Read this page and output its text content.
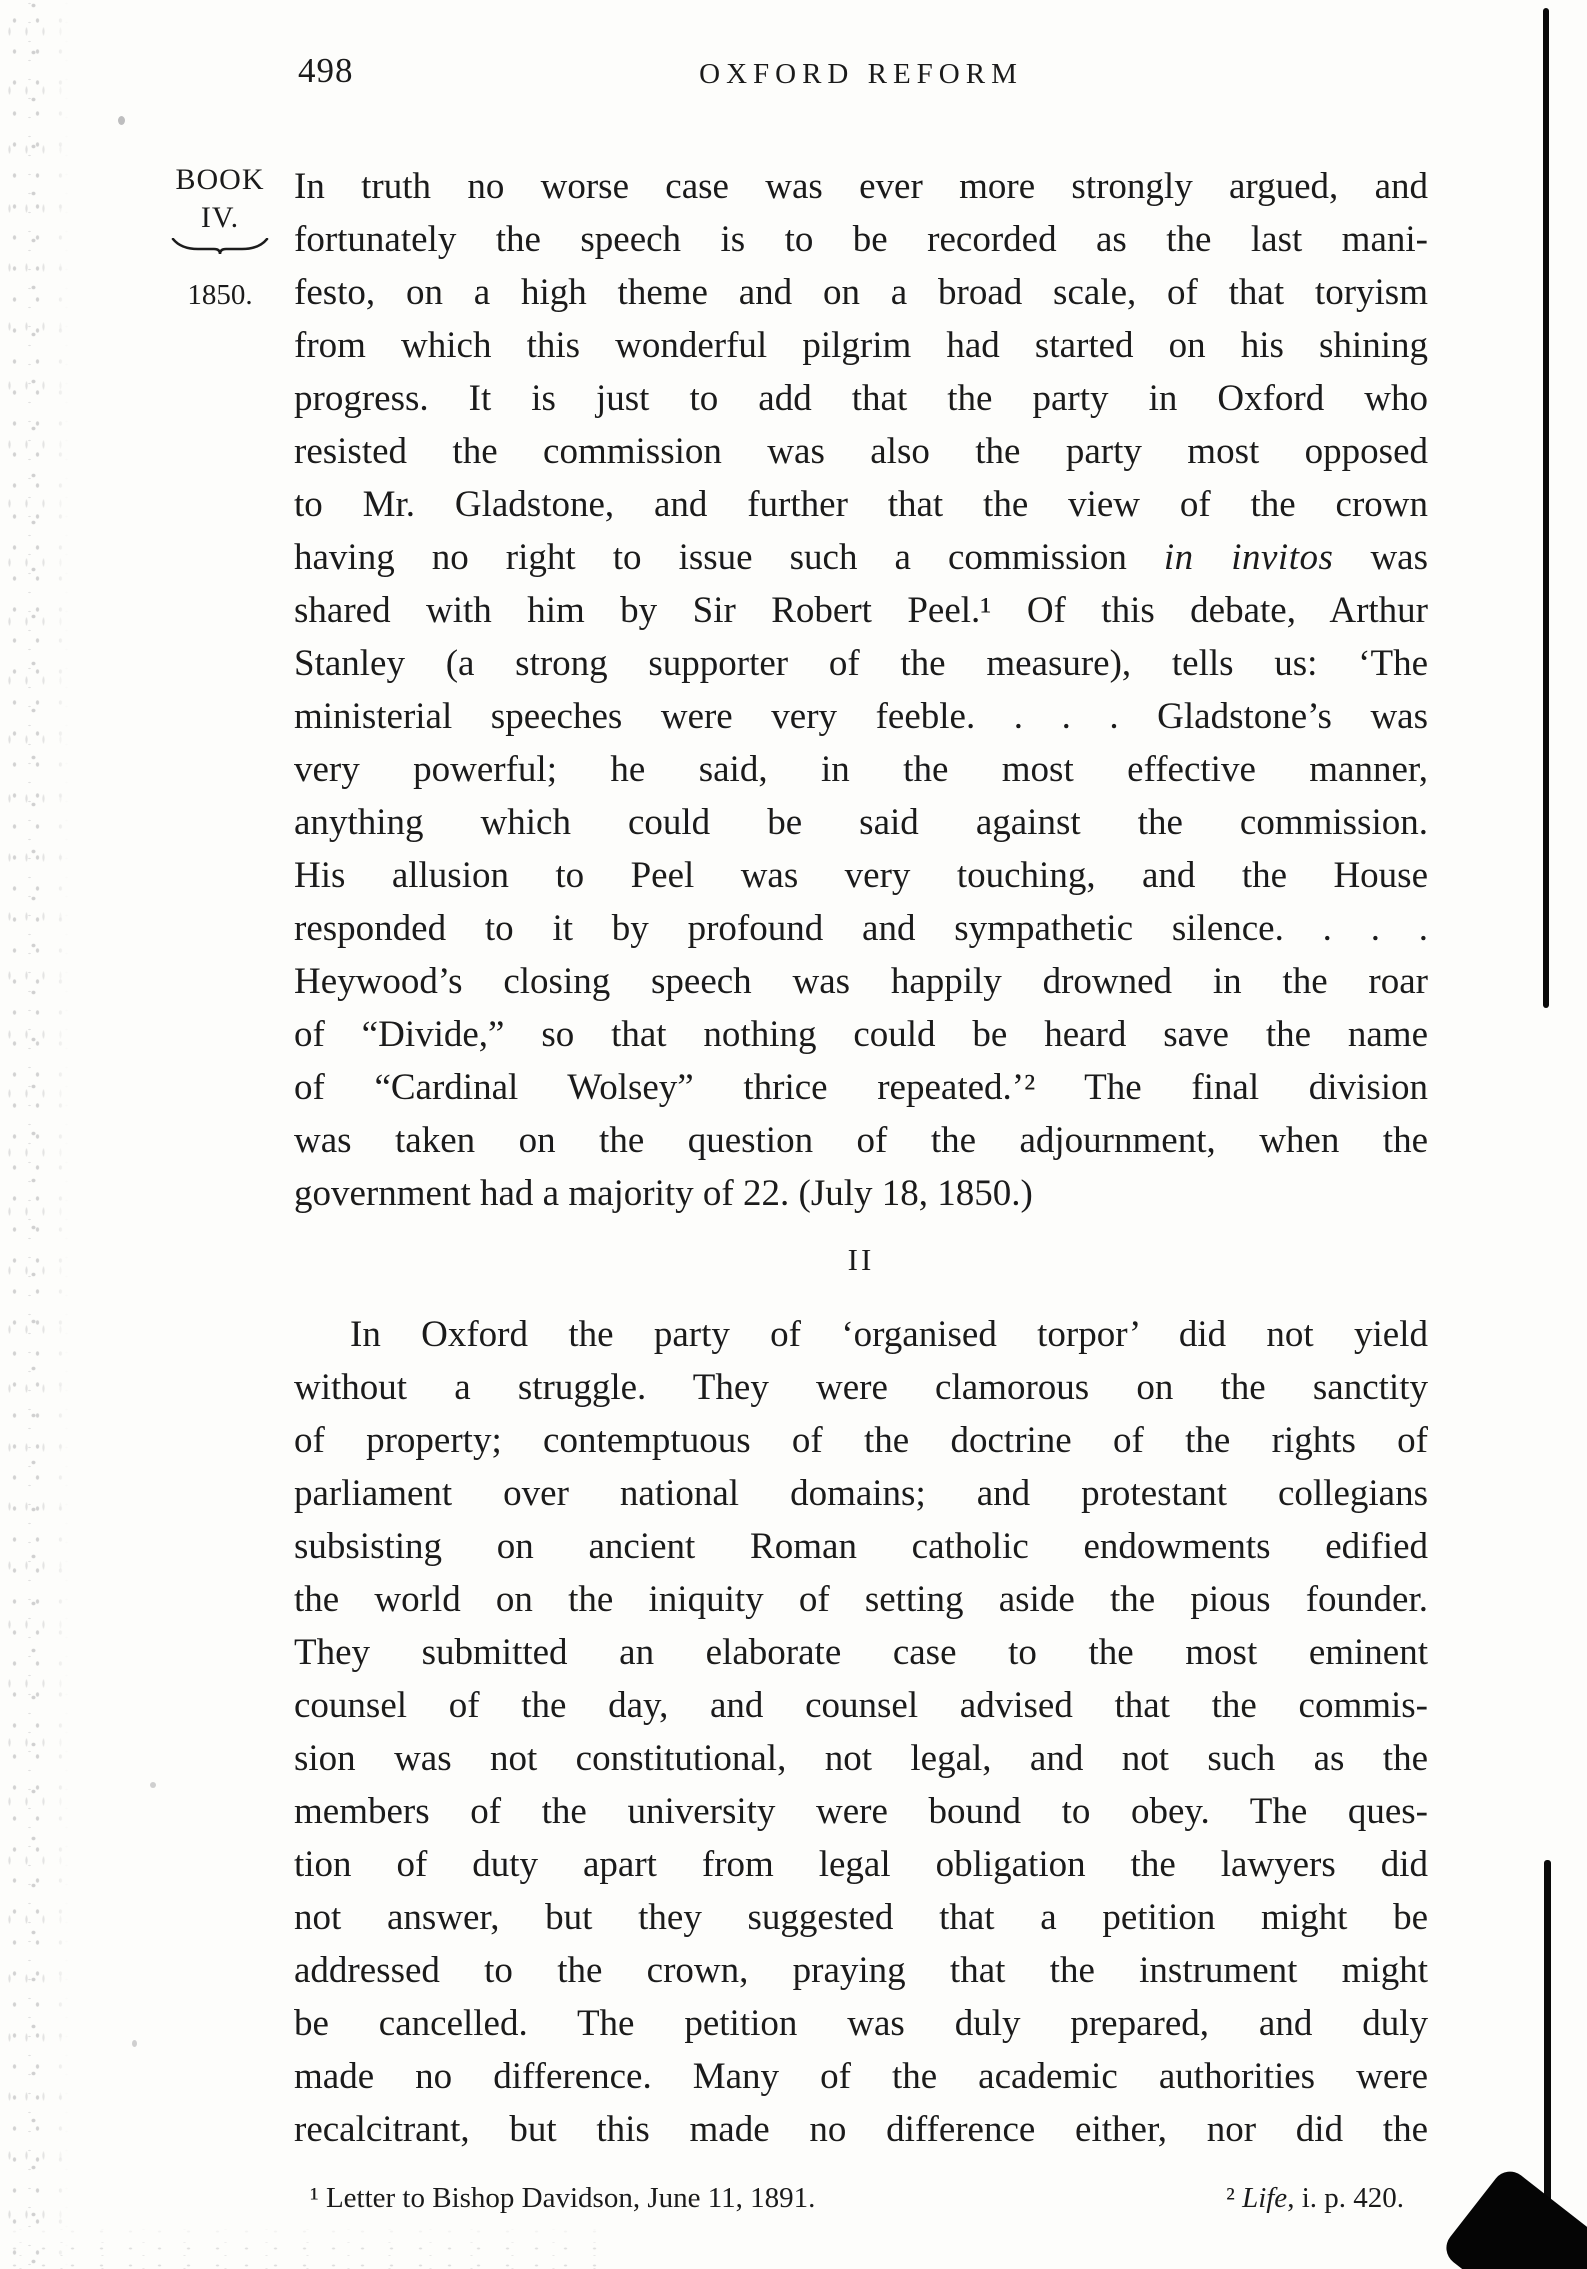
498	OXFORD REFORM
BOOK
IV.
1850.
In truth no worse case was ever more strongly argued, and
fortunately the speech is to be recorded as the last mani-
festo, on a high theme and on a broad scale, of that toryism
from which this wonderful pilgrim had started on his shining
progress. It is just to add that the party in Oxford who
resisted the commission was also the party most opposed
to Mr. Gladstone, and further that the view of the crown
having no right to issue such a commission in invitos was
shared with him by Sir Robert Peel.¹ Of this debate, Arthur
Stanley (a strong supporter of the measure), tells us: ‘The
ministerial speeches were very feeble. . . . Gladstone’s was
very powerful; he said, in the most effective manner,
anything which could be said against the commission.
His allusion to Peel was very touching, and the House
responded to it by profound and sympathetic silence. . . .
Heywood’s closing speech was happily drowned in the roar
of “Divide,” so that nothing could be heard save the name
of “Cardinal Wolsey” thrice repeated.’² The final division
was taken on the question of the adjournment, when the
government had a majority of 22. (July 18, 1850.)
II
In Oxford the party of ‘organised torpor’ did not yield
without a struggle. They were clamorous on the sanctity
of property; contemptuous of the doctrine of the rights of
parliament over national domains; and protestant collegians
subsisting on ancient Roman catholic endowments edified
the world on the iniquity of setting aside the pious founder.
They submitted an elaborate case to the most eminent
counsel of the day, and counsel advised that the commis-
sion was not constitutional, not legal, and not such as the
members of the university were bound to obey. The ques-
tion of duty apart from legal obligation the lawyers did
not answer, but they suggested that a petition might be
addressed to the crown, praying that the instrument might
be cancelled. The petition was duly prepared, and duly
made no difference. Many of the academic authorities were
recalcitrant, but this made no difference either, nor did the
¹ Letter to Bishop Davidson, June 11, 1891.	² Life, i. p. 420.
